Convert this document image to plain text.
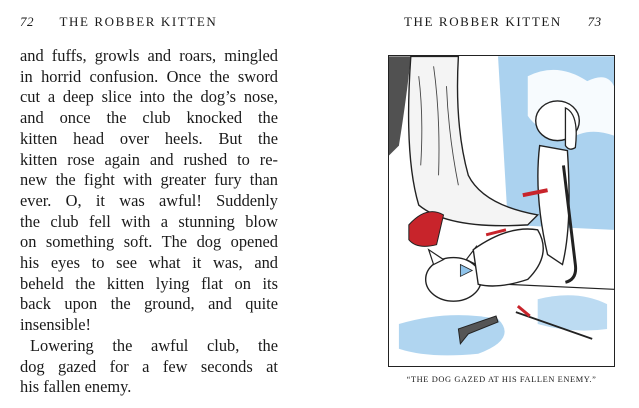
72 THE ROBBER KITTEN
and fuffs, growls and roars, mingled
in horrid confusion. Once the sword
cut a deep slice into the dog’s nose,
and once the club knocked the
kitten head over heels. But the
kitten rose again and rushed to re-
new the fight with greater fury than
ever. O, it was awful! Suddenly
the club fell with a stunning blow
on something soft. The dog opened
his eyes to see what it was, and
beheld the kitten lying flat on its
back upon the ground, and quite
insensible!
Lowering the awful club, the
dog gazed for a few seconds at
his fallen enemy.
THE ROBBER KITTEN 73
“THE DOG GAZED AT HIS FALLEN ENEMY.”
